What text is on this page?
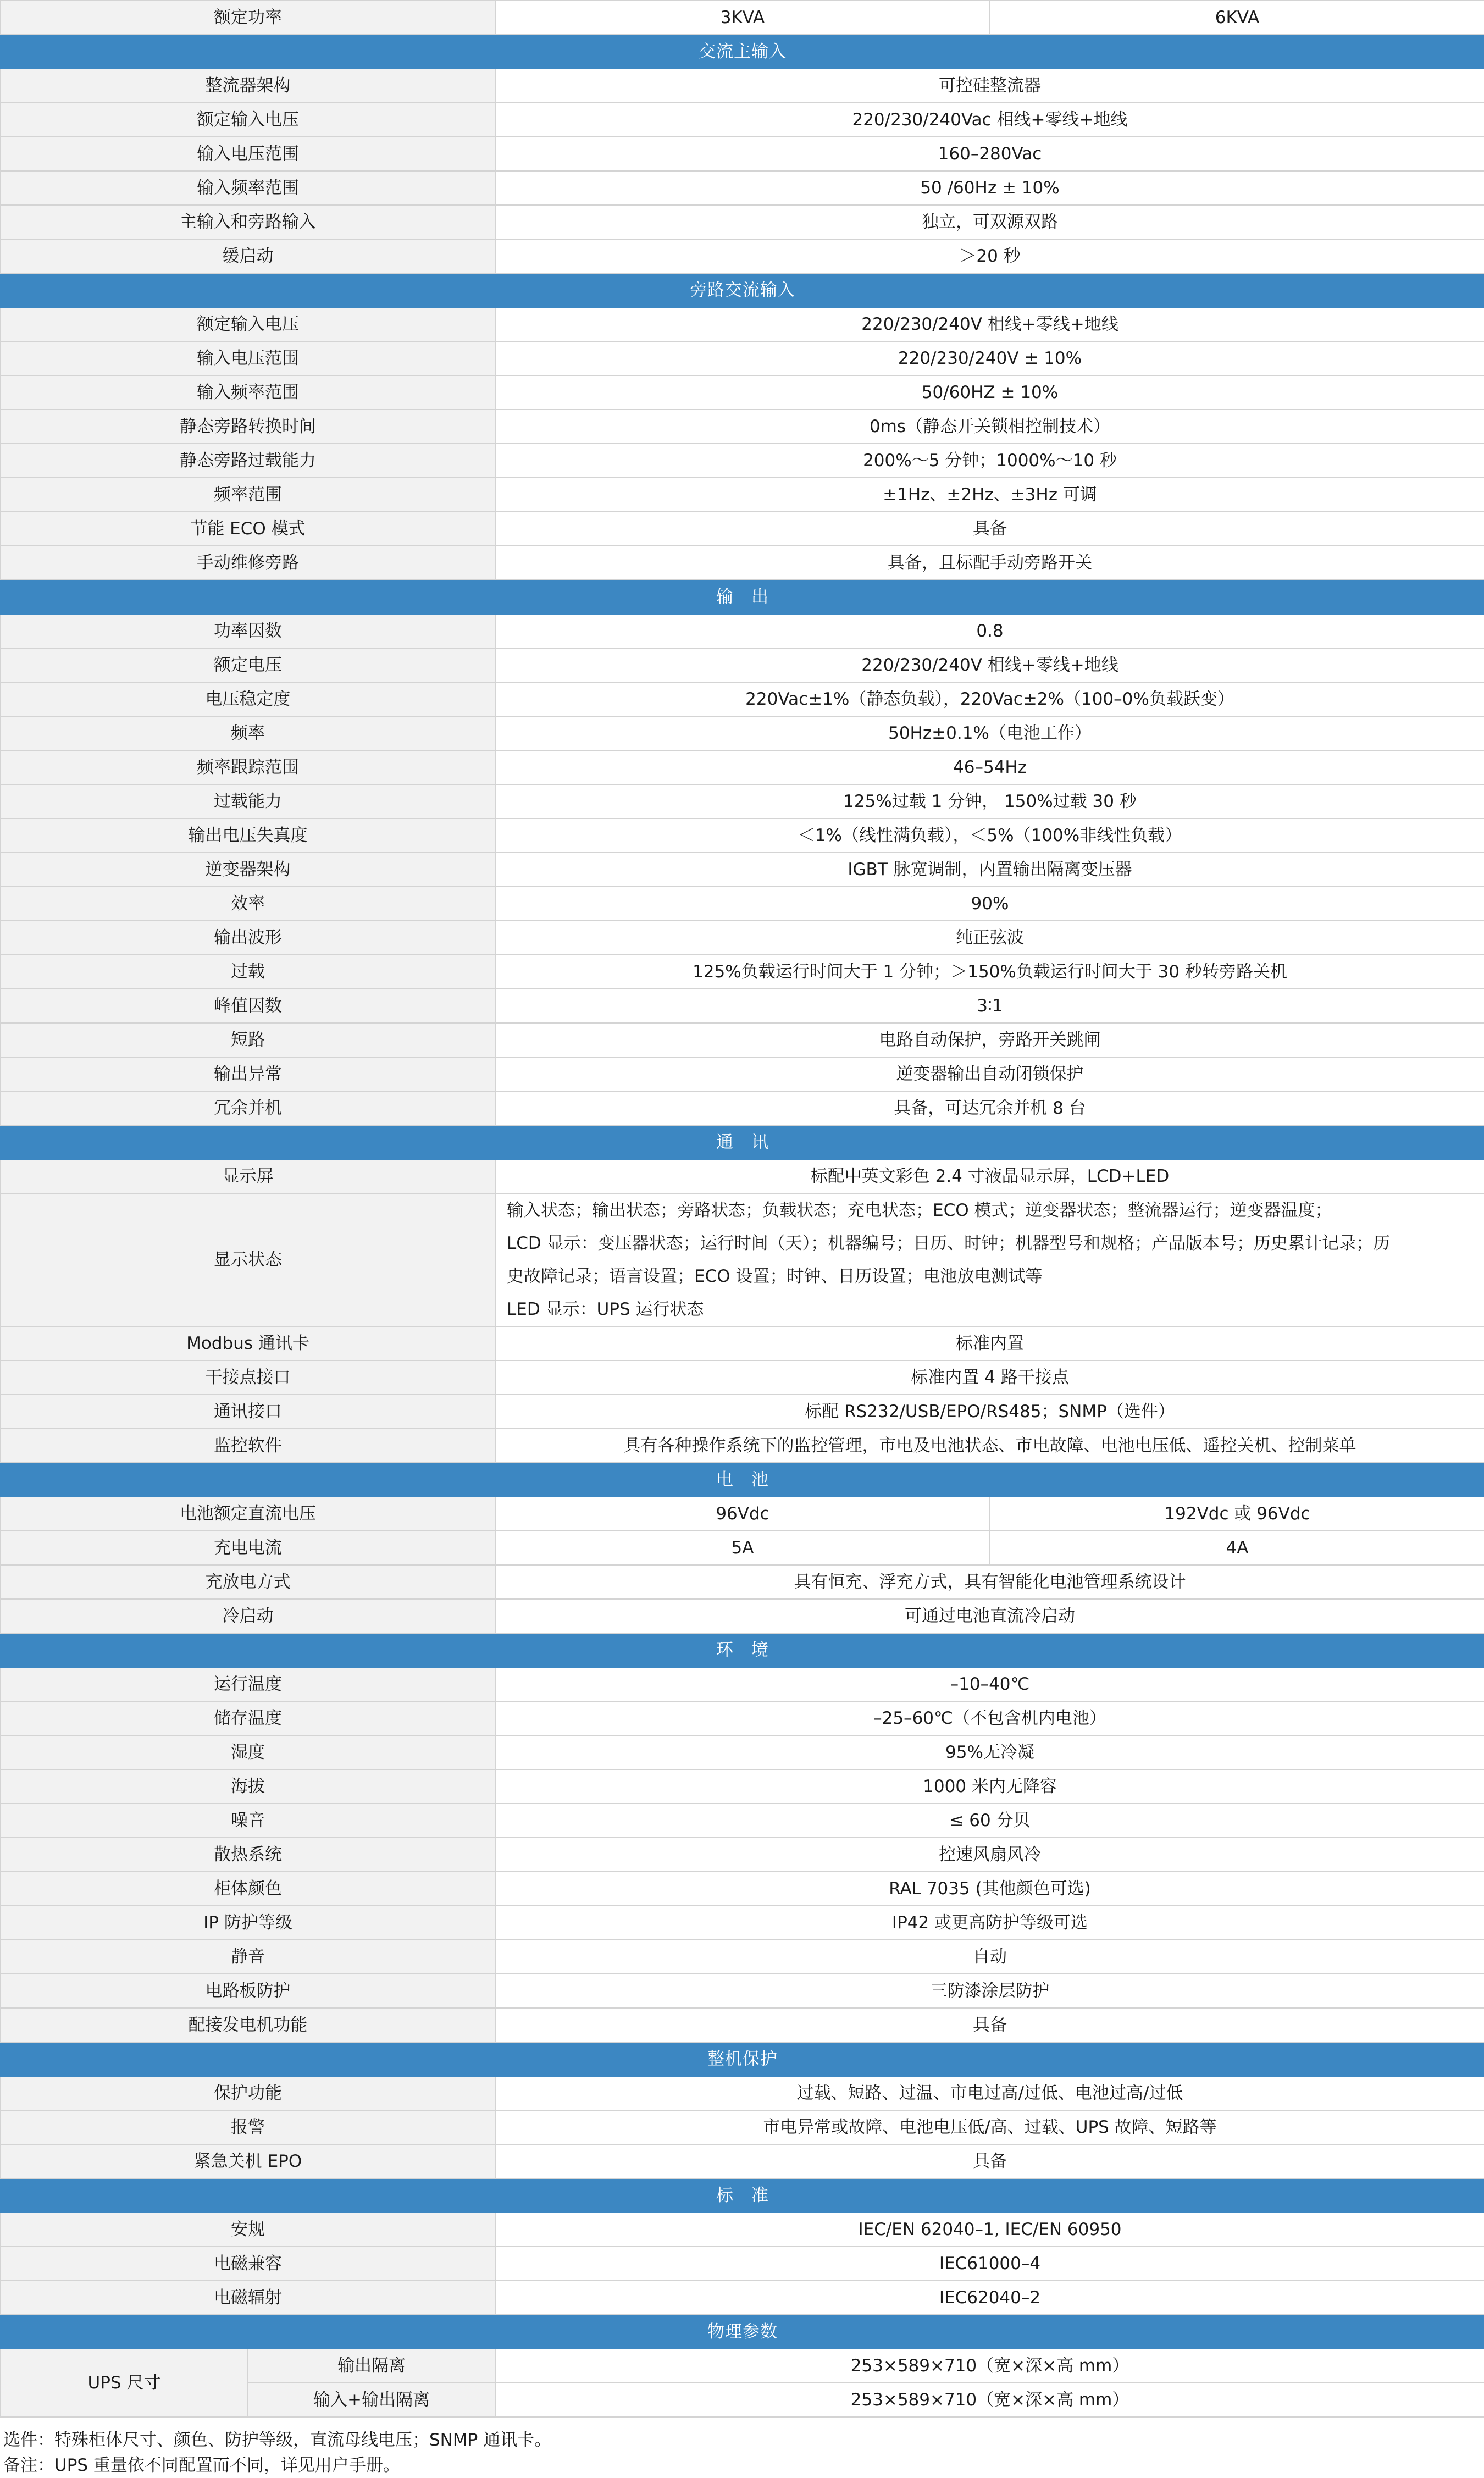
额定功率		3KVA	6KVA
交流主输入			
整流器架构		可控硅整流器	
额定输入电压		220/230/240Vac 相线+零线+地线	
输入电压范围		160–280Vac	
输入频率范围		50 /60Hz ± 10%	
主输入和旁路输入		独立，可双源双路	
缓启动		＞20 秒	
旁路交流输入			
额定输入电压		220/230/240V 相线+零线+地线	
输入电压范围		220/230/240V ± 10%	
输入频率范围		50/60HZ ± 10%	
静态旁路转换时间		0ms（静态开关锁相控制技术）	
静态旁路过载能力		200%～5 分钟；1000%～10 秒	
频率范围		±1Hz、±2Hz、±3Hz 可调	
节能 ECO 模式		具备	
手动维修旁路		具备，且标配手动旁路开关	
输　出			
功率因数		0.8	
额定电压		220/230/240V 相线+零线+地线	
电压稳定度		220Vac±1%（静态负载），220Vac±2%（100–0%负载跃变）	
频率		50Hz±0.1%（电池工作）	
频率跟踪范围		46–54Hz	
过载能力		125%过载 1 分钟， 150%过载 30 秒	
输出电压失真度		＜1%（线性满负载），＜5%（100%非线性负载）	
逆变器架构		IGBT 脉宽调制，内置输出隔离变压器	
效率		90%	
输出波形		纯正弦波	
过载		125%负载运行时间大于 1 分钟；＞150%负载运行时间大于 30 秒转旁路关机	
峰值因数		3∶1	
短路		电路自动保护，旁路开关跳闸	
输出异常		逆变器输出自动闭锁保护	
冗余并机		具备，可达冗余并机 8 台	
通　讯			
显示屏		标配中英文彩色 2.4 寸液晶显示屏，LCD+LED	
显示状态		输入状态；输出状态；旁路状态；负载状态；充电状态；ECO 模式；逆变器状态；整流器运行；逆变器温度；
LCD 显示：变压器状态；运行时间（天）；机器编号；日历、时钟；机器型号和规格；产品版本号；历史累计记录；历
史故障记录；语言设置；ECO 设置；时钟、日历设置；电池放电测试等
LED 显示：UPS 运行状态	

Modbus 通讯卡		标准内置	
干接点接口		标准内置 4 路干接点	
通讯接口		标配 RS232/USB/EPO/RS485；SNMP（选件）	
监控软件		具有各种操作系统下的监控管理，市电及电池状态、市电故障、电池电压低、遥控关机、控制菜单	
电　池			
电池额定直流电压		96Vdc	192Vdc 或 96Vdc
充电电流		5A	4A
充放电方式		具有恒充、浮充方式，具有智能化电池管理系统设计	
冷启动		可通过电池直流冷启动	
环　境			
运行温度		–10–40℃	
储存温度		–25–60℃（不包含机内电池）	
湿度		95%无冷凝	
海拔		1000 米内无降容	
噪音		≤ 60 分贝	
散热系统		控速风扇风冷	
柜体颜色		RAL 7035 (其他颜色可选)	
IP 防护等级		IP42 或更高防护等级可选	
静音		自动	
电路板防护		三防漆涂层防护	
配接发电机功能		具备	
整机保护			
保护功能		过载、短路、过温、市电过高/过低、电池过高/过低	
报警		市电异常或故障、电池电压低/高、过载、UPS 故障、短路等	
紧急关机 EPO		具备	
标　准			
安规		IEC/EN 62040–1, IEC/EN 60950	
电磁兼容		IEC61000–4	
电磁辐射		IEC62040–2	
物理参数			
UPS 尺寸	输出隔离	253×589×710（宽×深×高 mm）	
	输入+输出隔离	253×589×710（宽×深×高 mm）	
选件：特殊柜体尺寸、颜色、防护等级，直流母线电压；SNMP 通讯卡。
备注：UPS 重量依不同配置而不同，详见用户手册。
